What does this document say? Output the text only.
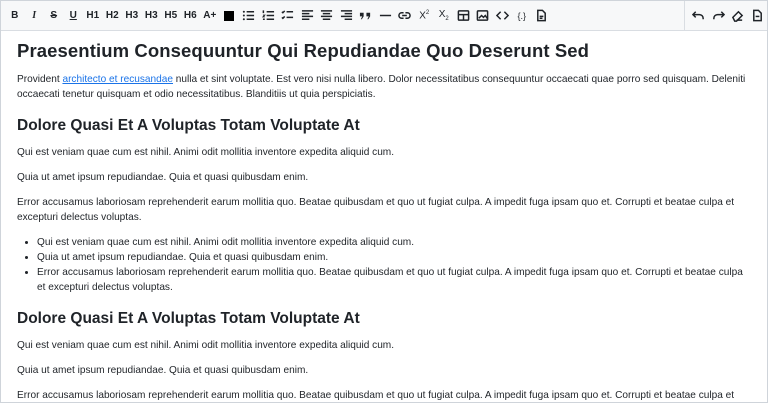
B I S U H1 H2 H3 H3 H5 H6 A+	$X^2$ $X_2$	{.}
Praesentium Consequuntur Qui Repudiandae Quo Deserunt Sed

Provident architecto et recusandae nulla et sint voluptate. Est vero nisi nulla libero. Dolor necessitatibus consequuntur occaecati quae porro sed quisquam. Deleniti occaecati tenetur quisquam et odio necessitatibus. Blanditiis ut quia perspiciatis.

Dolore Quasi Et A Voluptas Totam Voluptate At

Qui est veniam quae cum est nihil. Animi odit mollitia inventore expedita aliquid cum.

Quia ut amet ipsum repudiandae. Quia et quasi quibusdam enim.

Error accusamus laboriosam reprehenderit earum mollitia quo. Beatae quibusdam et quo ut fugiat culpa. A impedit fuga ipsam quo et. Corrupti et beatae culpa et excepturi delectus voluptas.

• Qui est veniam quae cum est nihil. Animi odit mollitia inventore expedita aliquid cum.
• Quia ut amet ipsum repudiandae. Quia et quasi quibusdam enim.
• Error accusamus laboriosam reprehenderit earum mollitia quo. Beatae quibusdam et quo ut fugiat culpa. A impedit fuga ipsam quo et. Corrupti et beatae culpa et excepturi delectus voluptas.
Dolore Quasi Et A Voluptas Totam Voluptate At

Qui est veniam quae cum est nihil. Animi odit mollitia inventore expedita aliquid cum.

Quia ut amet ipsum repudiandae. Quia et quasi quibusdam enim.

Error accusamus laboriosam reprehenderit earum mollitia quo. Beatae quibusdam et quo ut fugiat culpa. A impedit fuga ipsam quo et. Corrupti et beatae culpa et
